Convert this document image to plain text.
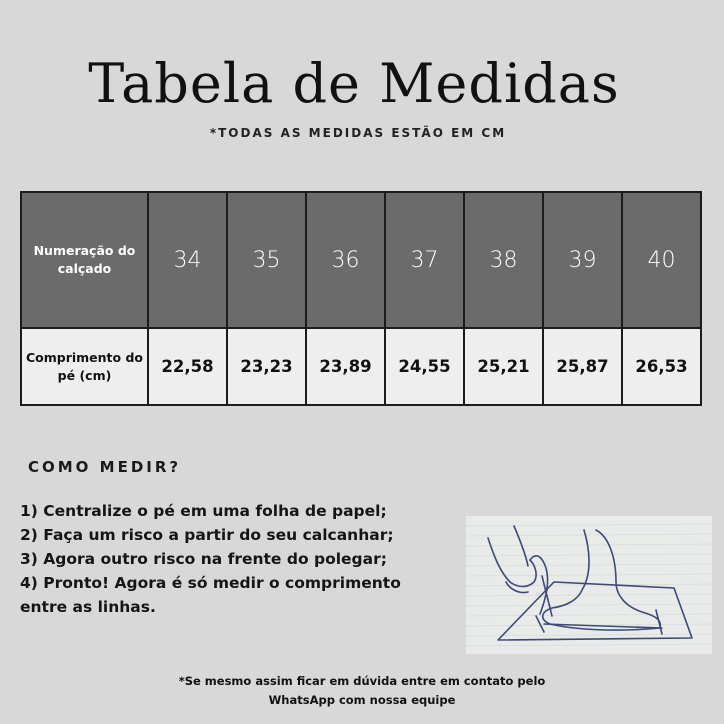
Tabela de Medidas
*TODAS AS MEDIDAS ESTÃO EM CM
Numeração do calçado	34	35	36	37	38	39	40
Comprimento do pé (cm)	22,58	23,23	23,89	24,55	25,21	25,87	26,53
COMO MEDIR?
1) Centralize o pé em uma folha de papel;
2) Faça um risco a partir do seu calcanhar;
3) Agora outro risco na frente do polegar;
4) Pronto! Agora é só medir o comprimento
entre as linhas.
*Se mesmo assim ficar em dúvida entre em contato pelo
WhatsApp com nossa equipe
